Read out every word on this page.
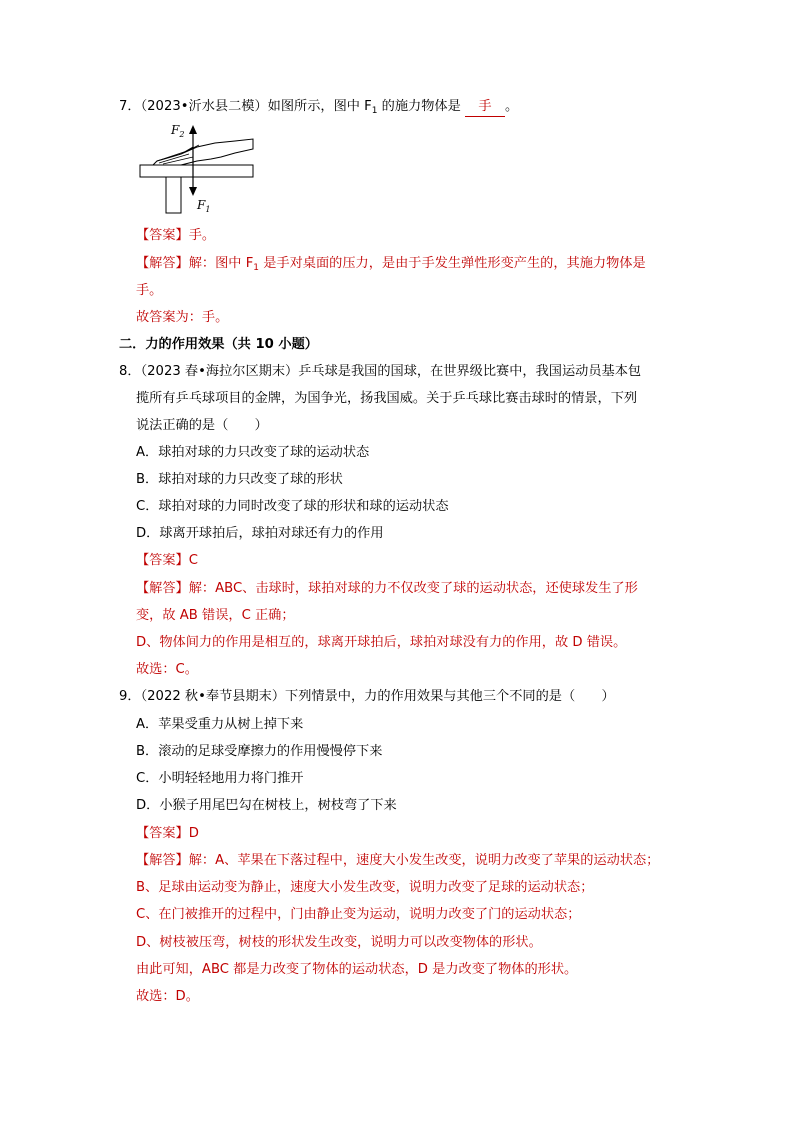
7．（2023•沂水县二模）如图所示，图中 $F_1$ 的施力物体是 手 。
$F_2$
$F_1$
【答案】手。
【解答】解：图中 $F_1$ 是手对桌面的压力，是由于手发生弹性形变产生的，其施力物体是
手。
故答案为：手。
二．力的作用效果（共 10 小题）
8．（2023 春•海拉尔区期末）乒乓球是我国的国球，在世界级比赛中，我国运动员基本包
揽所有乒乓球项目的金牌，为国争光，扬我国威。关于乒乓球比赛击球时的情景，下列
说法正确的是（　　）
A．球拍对球的力只改变了球的运动状态
B．球拍对球的力只改变了球的形状
C．球拍对球的力同时改变了球的形状和球的运动状态
D．球离开球拍后，球拍对球还有力的作用
【答案】C
【解答】解：ABC、击球时，球拍对球的力不仅改变了球的运动状态，还使球发生了形
变，故 AB 错误，C 正确；
D、物体间力的作用是相互的，球离开球拍后，球拍对球没有力的作用，故 D 错误。
故选：C。
9．（2022 秋•奉节县期末）下列情景中，力的作用效果与其他三个不同的是（　　）
A．苹果受重力从树上掉下来
B．滚动的足球受摩擦力的作用慢慢停下来
C．小明轻轻地用力将门推开
D．小猴子用尾巴勾在树枝上，树枝弯了下来
【答案】D
【解答】解：A、苹果在下落过程中，速度大小发生改变，说明力改变了苹果的运动状态；
B、足球由运动变为静止，速度大小发生改变，说明力改变了足球的运动状态；
C、在门被推开的过程中，门由静止变为运动，说明力改变了门的运动状态；
D、树枝被压弯，树枝的形状发生改变，说明力可以改变物体的形状。
由此可知，ABC 都是力改变了物体的运动状态，D 是力改变了物体的形状。
故选：D。
